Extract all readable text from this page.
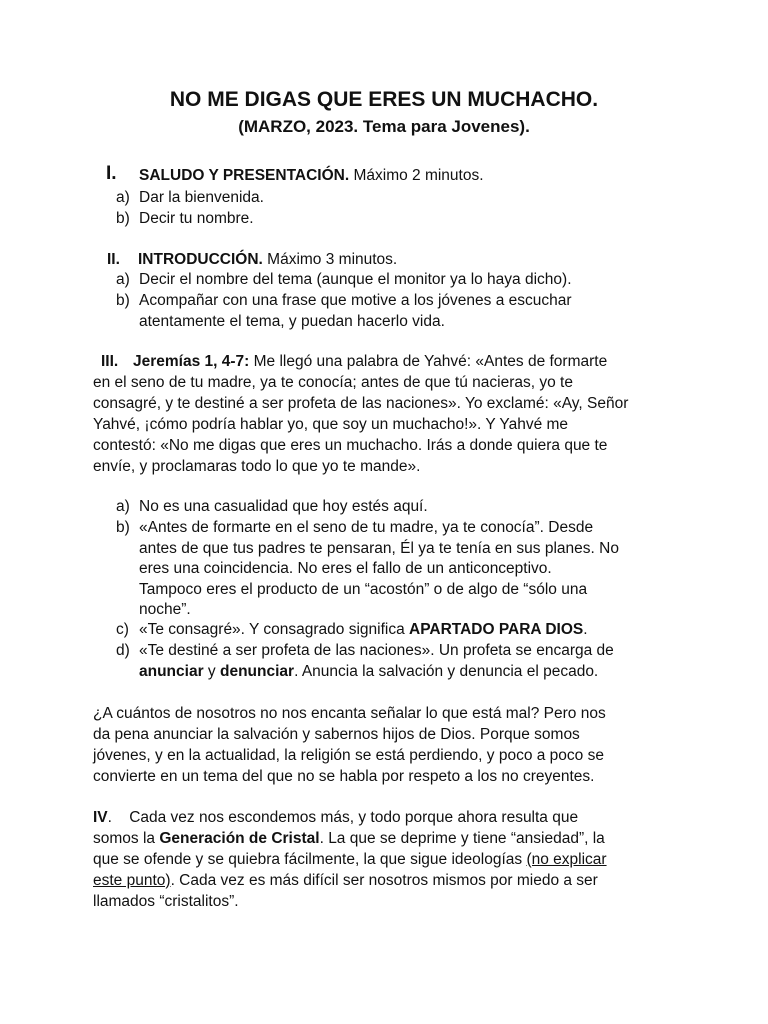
NO ME DIGAS QUE ERES UN MUCHACHO.
(MARZO, 2023. Tema para Jovenes).
I. SALUDO Y PRESENTACIÓN. Máximo 2 minutos.

a) Dar la bienvenida.
b) Decir tu nombre.
II. INTRODUCCIÓN. Máximo 3 minutos.

a) Decir el nombre del tema (aunque el monitor ya lo haya dicho).
b) Acompañar con una frase que motive a los jóvenes a escuchar
atentamente el tema, y puedan hacerlo vida.
III. Jeremías 1, 4-7: Me llegó una palabra de Yahvé: «Antes de formarte

en el seno de tu madre, ya te conocía; antes de que tú nacieras, yo te

consagré, y te destiné a ser profeta de las naciones». Yo exclamé: «Ay, Señor

Yahvé, ¡cómo podría hablar yo, que soy un muchacho!». Y Yahvé me

contestó: «No me digas que eres un muchacho. Irás a donde quiera que te

envíe, y proclamaras todo lo que yo te mande».

a) No es una casualidad que hoy estés aquí.
b) «Antes de formarte en el seno de tu madre, ya te conocía”. Desde
antes de que tus padres te pensaran, Él ya te tenía en sus planes. No
eres una coincidencia. No eres el fallo de un anticonceptivo.
Tampoco eres el producto de un “acostón” o de algo de “sólo una
noche”.
c) «Te consagré». Y consagrado significa APARTADO PARA DIOS.

d) «Te destiné a ser profeta de las naciones». Un profeta se encarga de

anunciar y denunciar. Anuncia la salvación y denuncia el pecado.

¿A cuántos de nosotros no nos encanta señalar lo que está mal? Pero nos

da pena anunciar la salvación y sabernos hijos de Dios. Porque somos

jóvenes, y en la actualidad, la religión se está perdiendo, y poco a poco se

convierte en un tema del que no se habla por respeto a los no creyentes.

IV.    Cada vez nos escondemos más, y todo porque ahora resulta que

somos la Generación de Cristal. La que se deprime y tiene “ansiedad”, la

que se ofende y se quiebra fácilmente, la que sigue ideologías (no explicar

este punto). Cada vez es más difícil ser nosotros mismos por miedo a ser

llamados “cristalitos”.
